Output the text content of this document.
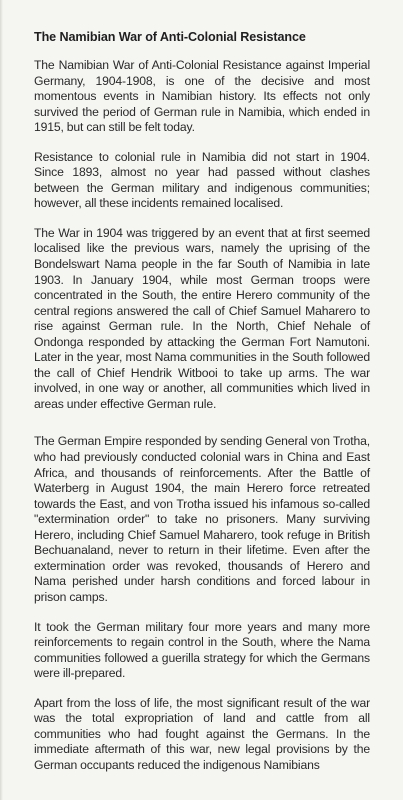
The Namibian War of Anti-Colonial Resistance

The Namibian War of Anti-Colonial Resistance against Imperial Germany, 1904-1908, is one of the decisive and most momentous events in Namibian history. Its effects not only survived the period of German rule in Namibia, which ended in 1915, but can still be felt today.

Resistance to colonial rule in Namibia did not start in 1904. Since 1893, almost no year had passed without clashes between the German military and indigenous communities; however, all these incidents remained localised.

The War in 1904 was triggered by an event that at first seemed localised like the previous wars, namely the uprising of the Bondelswart Nama people in the far South of Namibia in late 1903. In January 1904, while most German troops were concentrated in the South, the entire Herero community of the central regions answered the call of Chief Samuel Maharero to rise against German rule. In the North, Chief Nehale of Ondonga responded by attacking the German Fort Namutoni. Later in the year, most Nama communities in the South followed the call of Chief Hendrik Witbooi to take up arms. The war involved, in one way or another, all communities which lived in areas under effective German rule.

The German Empire responded by sending General von Trotha, who had previously conducted colonial wars in China and East Africa, and thousands of reinforcements. After the Battle of Waterberg in August 1904, the main Herero force retreated towards the East, and von Trotha issued his infamous so-called "extermination order" to take no prisoners. Many surviving Herero, including Chief Samuel Maharero, took refuge in British Bechuanaland, never to return in their lifetime. Even after the extermination order was revoked, thousands of Herero and Nama perished under harsh conditions and forced labour in prison camps.

It took the German military four more years and many more reinforcements to regain control in the South, where the Nama communities followed a guerilla strategy for which the Germans were ill-prepared.

Apart from the loss of life, the most significant result of the war was the total expropriation of land and cattle from all communities who had fought against the Germans. In the immediate aftermath of this war, new legal provisions by the German occupants reduced the indigenous Namibians
